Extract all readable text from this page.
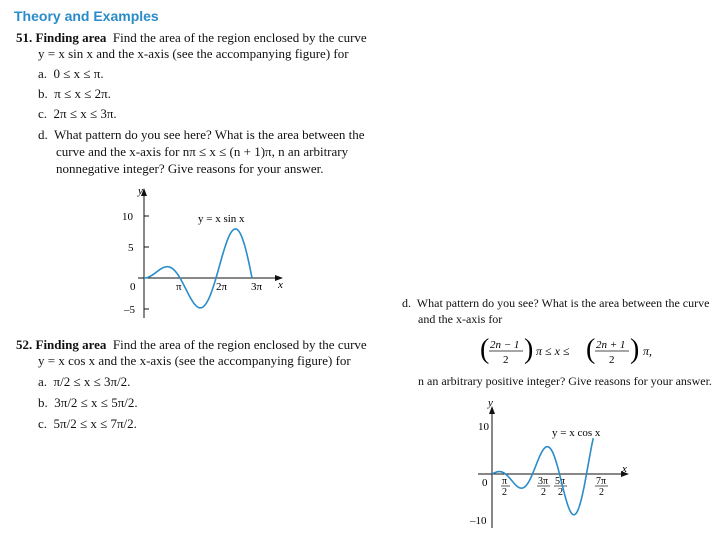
Theory and Examples
51. Finding area Find the area of the region enclosed by the curve
y = x sin x and the x-axis (see the accompanying figure) for
a. 0 ≤ x ≤ π.
b. π ≤ x ≤ 2π.
c. 2π ≤ x ≤ 3π.
d. What pattern do you see here? What is the area between the
curve and the x-axis for nπ ≤ x ≤ (n + 1)π, n an arbitrary
nonnegative integer? Give reasons for your answer.
y
x
10
5
0
–5
π	2π 3π
y = x sin x
52. Finding area Find the area of the region enclosed by the curve
y = x cos x and the x-axis (see the accompanying figure) for
a. π/2 ≤ x ≤ 3π/2.
b. 3π/2 ≤ x ≤ 5π/2.
c. 5π/2 ≤ x ≤ 7π/2.
d. What pattern do you see? What is the area between the curve
and the x-axis for
( 2n − 1
2 ) π ≤ x ≤ ( 2n + 1
2 ) π,
n an arbitrary positive integer? Give reasons for your answer.
y
x
10
–10
0 π
2
3π
2
5π
2
7π
2
y = x cos x
